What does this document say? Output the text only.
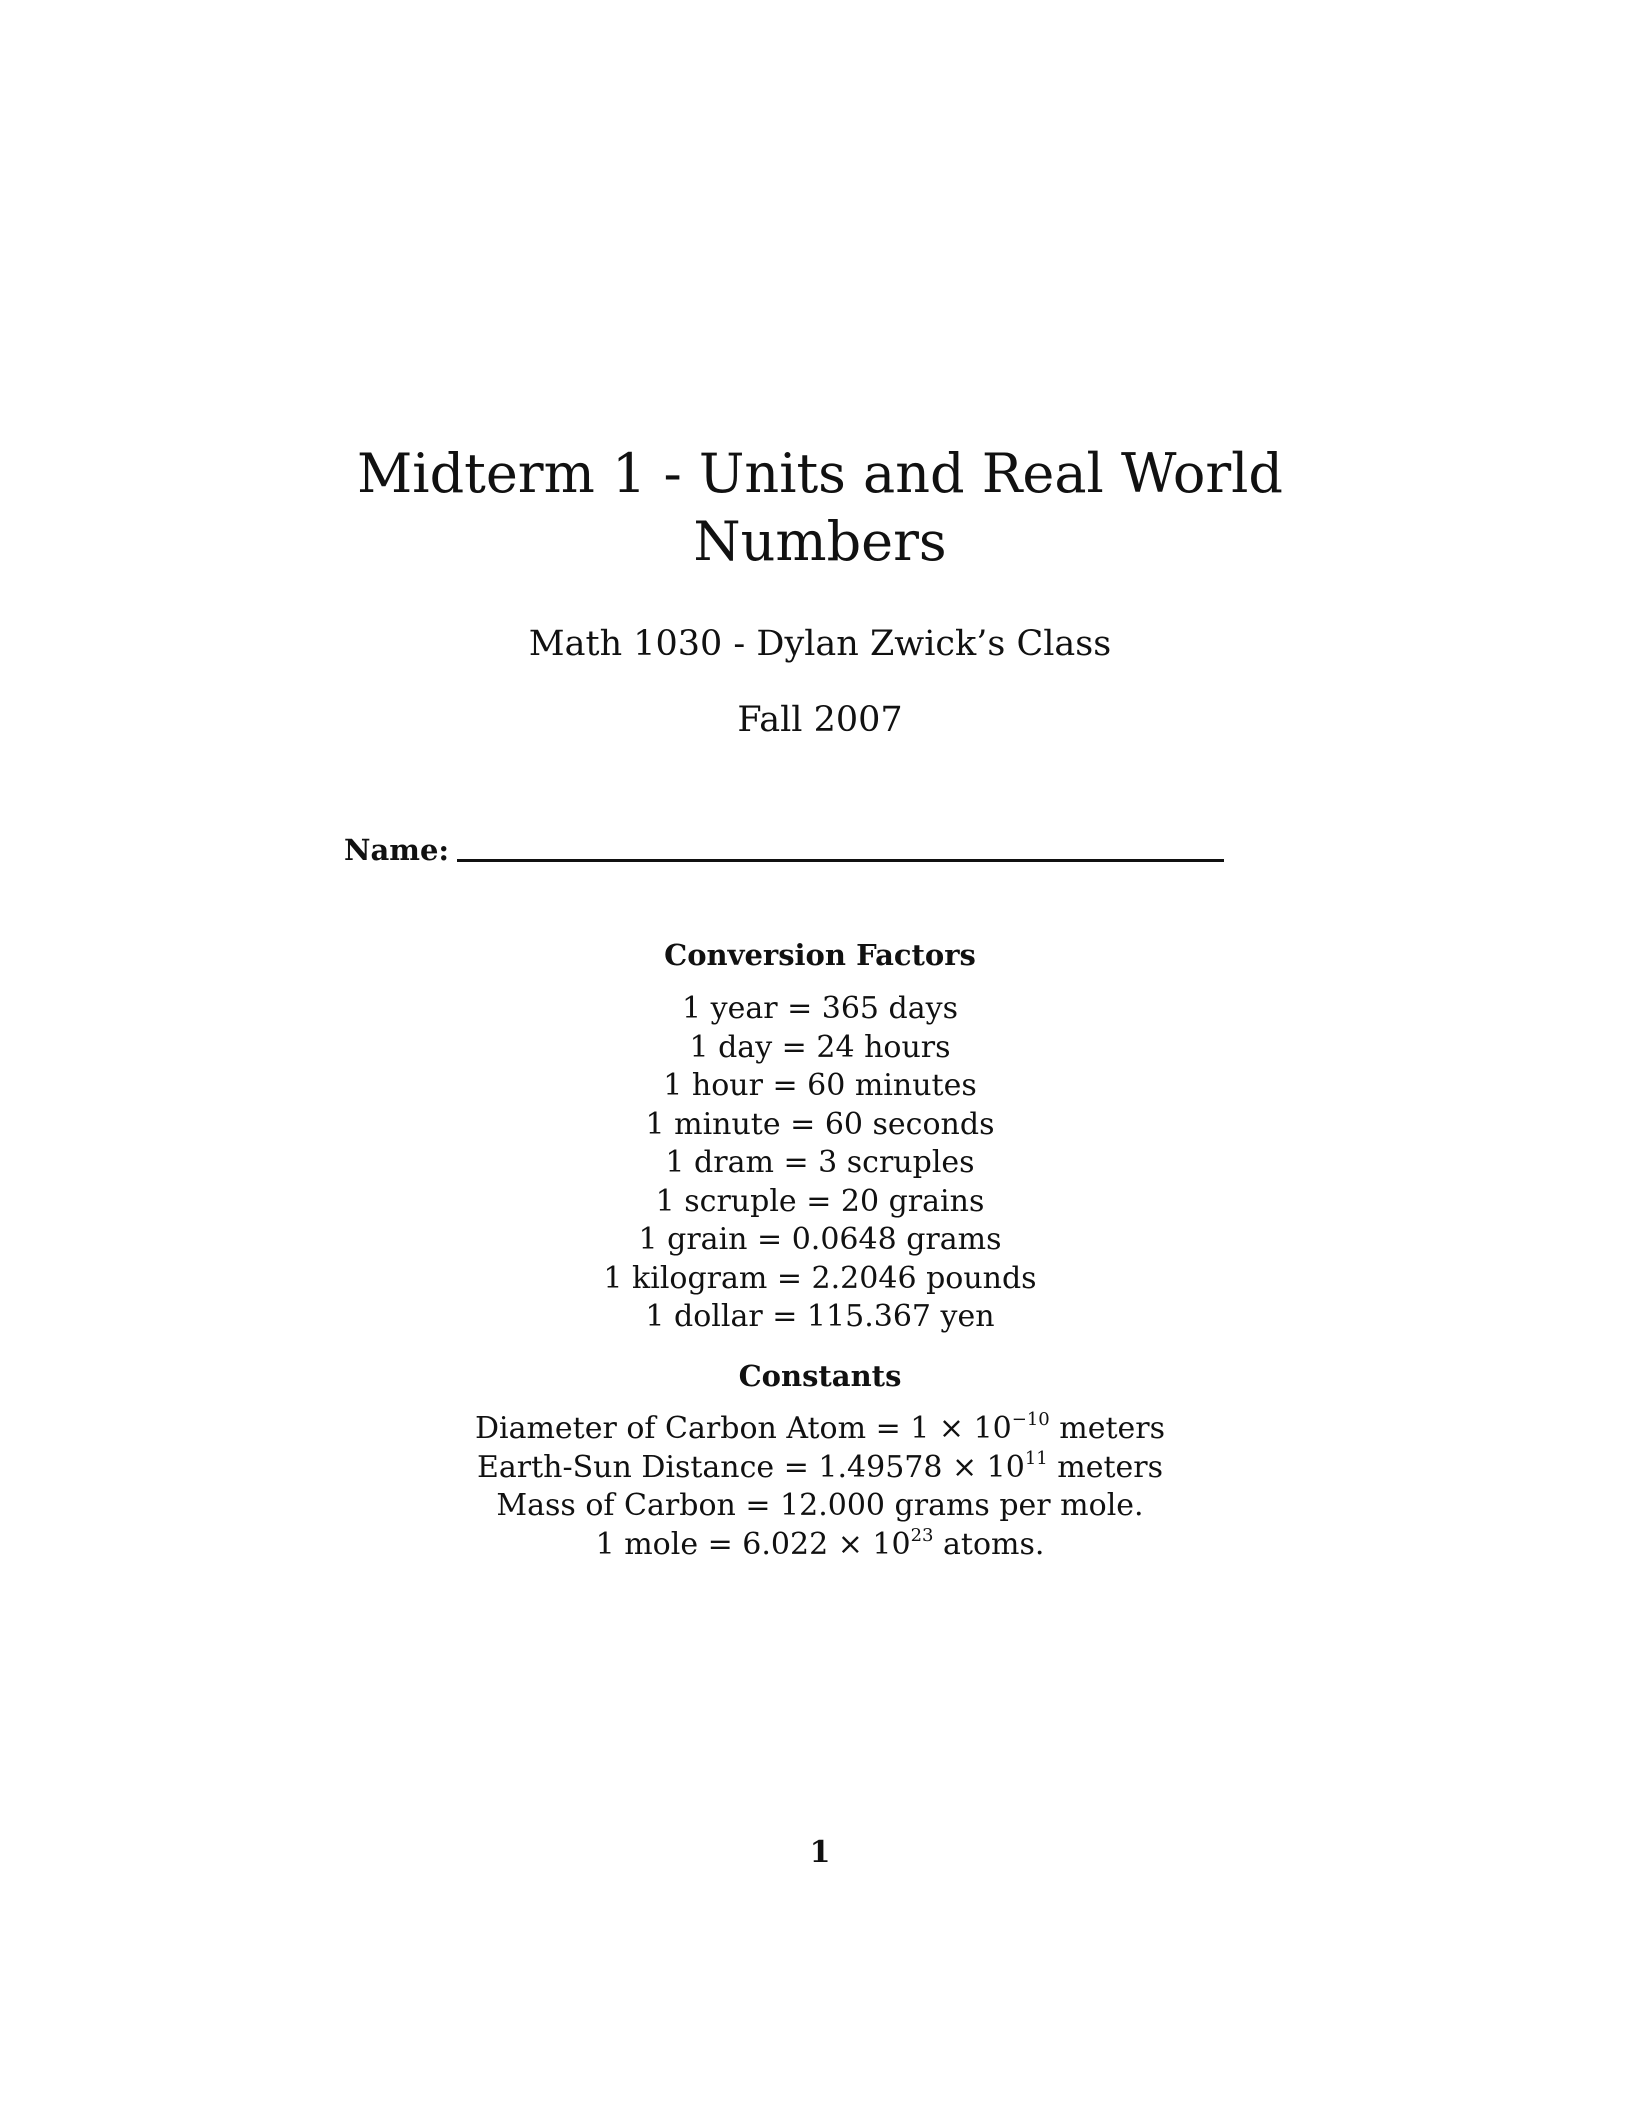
Midterm 1 - Units and Real World
Numbers
Math 1030 - Dylan Zwick’s Class
Fall 2007
Name:
Conversion Factors
1 year = 365 days
1 day = 24 hours
1 hour = 60 minutes
1 minute = 60 seconds
1 dram = 3 scruples
1 scruple = 20 grains
1 grain = 0.0648 grams
1 kilogram = 2.2046 pounds
1 dollar = 115.367 yen
Constants
Diameter of Carbon Atom = $1 \times 10^{-10}$ meters
Earth-Sun Distance = $1.49578 \times 10^{11}$ meters
Mass of Carbon = 12.000 grams per mole.
1 mole = $6.022 \times 10^{23}$ atoms.
1
